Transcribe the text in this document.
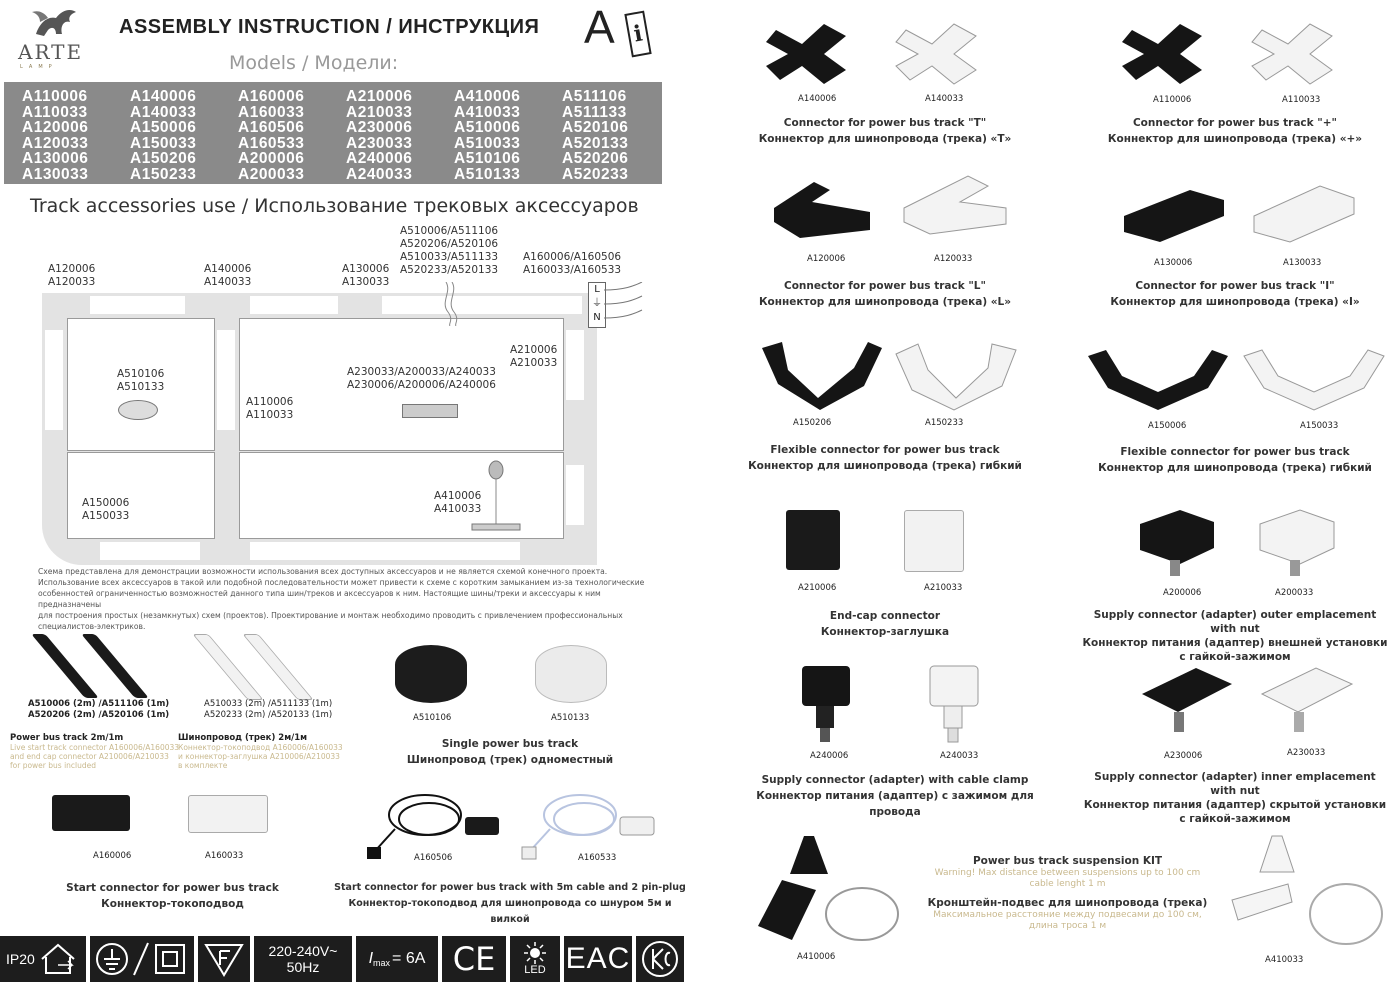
ARTE
LAMP
ASSEMBLY INSTRUCTION / ИНСТРУКЦИЯ A i
Models / Модели:
A110006
A110033
A120006
A120033
A130006
A130033
A140006
A140033
A150006
A150033
A150206
A150233
A160006
A160033
A160506
A160533
A200006
A200033
A210006
A210033
A230006
A230033
A240006
A240033
A410006
A410033
A510006
A510033
A510106
A510133
A511106
A511133
A520106
A520133
A520206
A520233
Track accessories use / Использование трековых аксессуаров
L
⏚
N
A120006
A120033
A140006
A140033
A130006
A130033
A510006/A511106
A520206/A520106
A510033/A511133
A520233/A520133
A160006/A160506
A160033/A160533
A210006
A210033
A510106
A510133
A230033/A200033/A240033
A230006/A200006/A240006
A110006
A110033
A150006
A150033
A410006
A410033
Схема представлена для демонстрации возможности использования всех доступных аксессуаров и не является схемой конечного проекта.
Использование всех аксессуаров в такой или подобной последовательности может привести к схеме с коротким замыканием из-за технологические
особенностей ограниченностью возможностей данного типа шин/треков и аксессуаров к ним. Настоящие шины/треки и аксессуары к ним предназначены
для построения простых (незамкнутых) схем (проектов). Проектирование и монтаж необходимо проводить с привлечением профессиональных
специалистов-электриков.
A510006 (2m) /A511106 (1m)
A520206 (2m) /A520106 (1m)
A510033 (2m) /A511133 (1m)
A520233 (2m) /A520133 (1m)
Power bus track 2m/1m
Live start track connector A160006/A160033
and end cap connector A210006/A210033
for power bus included
Шинопровод (трек) 2м/1м
Коннектор-токоподвод A160006/A160033
и коннектор-заглушка A210006/A210033
в комплекте
A510106	A510133
Single power bus track
Шинопровод (трек) одноместный
A160006	A160033
Start connector for power bus track
Коннектор-токоподвод
A160506	A160533
Start connector for power bus track with 5m cable and 2 pin-plug
Коннектор-токоподвод для шинопровода со шнуром 5м и вилкой
IP20	220-240V~
50Hz	I max = 6A CE	LED EAC
A140006	A140033
Connector for power bus track "T"
Коннектор для шинопровода (трека) «T»
A110006	A110033
Connector for power bus track "+"
Коннектор для шинопровода (трека) «+»
A120006	A120033
Connector for power bus track "L"
Коннектор для шинопровода (трека) «L»
A130006	A130033
Connector for power bus track "I"
Коннектор для шинопровода (трека) «I»
A150206	A150233
Flexible connector for power bus track
Коннектор для шинопровода (трека) гибкий
A150006	A150033
Flexible connector for power bus track
Коннектор для шинопровода (трека) гибкий
A210006	A210033
End-cap connector
Коннектор-заглушка
A200006	A200033
Supply connector (adapter) outer emplacement with nut
Коннектор питания (адаптер) внешней установки
с гайкой-зажимом
A240006	A240033
Supply connector (adapter) with cable clamp
Коннектор питания (адаптер) с зажимом для провода
A230006	A230033
Supply connector (adapter) inner emplacement with nut
Коннектор питания (адаптер) скрытой установки
с гайкой-зажимом
A410006	A410033
Power bus track suspension KIT
Warning! Max distance between suspensions up to 100 cm
cable lenght 1 m
Кронштейн-подвес для шинопровода (трека)
Максимальное расстояние между подвесами до 100 см,
длина троса 1 м
